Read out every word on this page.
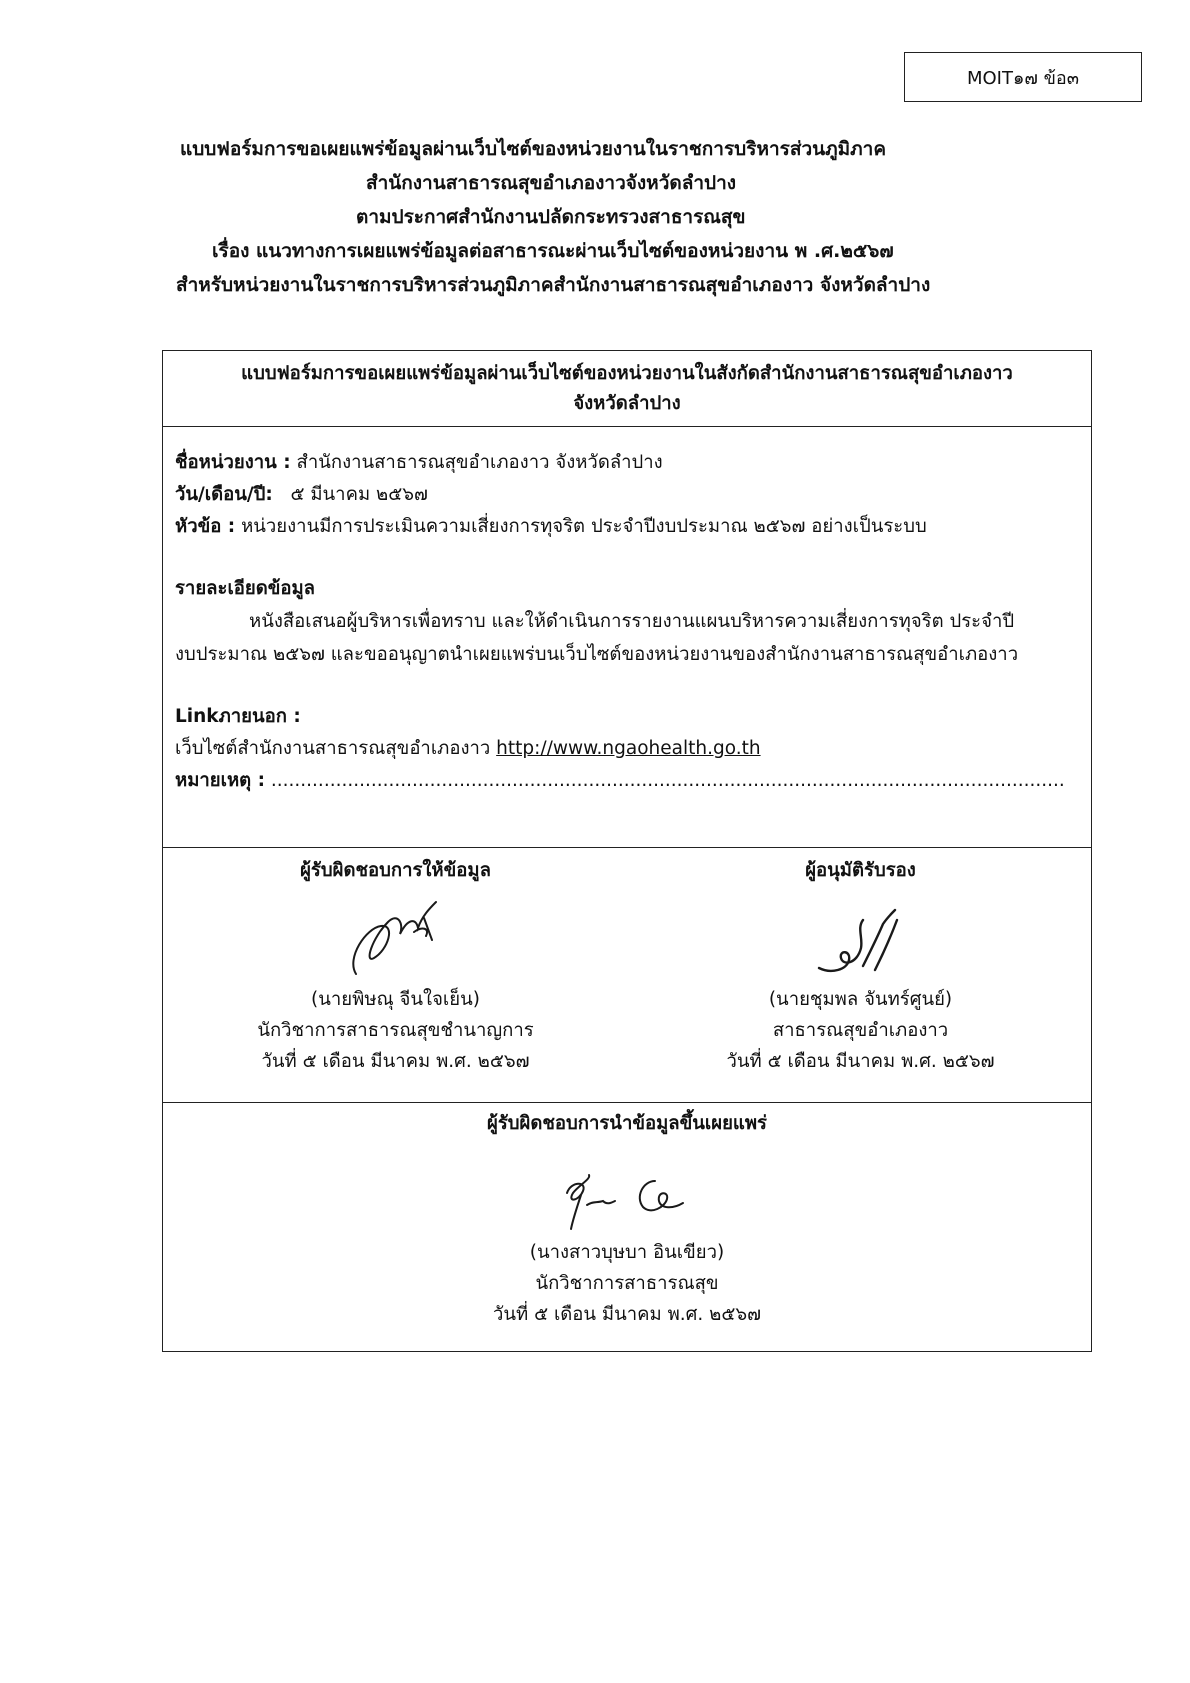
MOIT๑๗ ข้อ๓
แบบฟอร์มการขอเผยแพร่ข้อมูลผ่านเว็บไซต์ของหน่วยงานในราชการบริหารส่วนภูมิภาค
สำนักงานสาธารณสุขอำเภองาวจังหวัดลำปาง
ตามประกาศสำนักงานปลัดกระทรวงสาธารณสุข
เรื่อง แนวทางการเผยแพร่ข้อมูลต่อสาธารณะผ่านเว็บไซต์ของหน่วยงาน พ .ศ.๒๕๖๗
สำหรับหน่วยงานในราชการบริหารส่วนภูมิภาคสำนักงานสาธารณสุขอำเภองาว จังหวัดลำปาง
แบบฟอร์มการขอเผยแพร่ข้อมูลผ่านเว็บไซต์ของหน่วยงานในสังกัดสำนักงานสาธารณสุขอำเภองาว
จังหวัดลำปาง
ชื่อหน่วยงาน : สำนักงานสาธารณสุขอำเภองาว จังหวัดลำปาง
วัน/เดือน/ปี: ๕ มีนาคม ๒๕๖๗
หัวข้อ : หน่วยงานมีการประเมินความเสี่ยงการทุจริต ประจำปีงบประมาณ ๒๕๖๗ อย่างเป็นระบบ
รายละเอียดข้อมูล
หนังสือเสนอผู้บริหารเพื่อทราบ และให้ดำเนินการรายงานแผนบริหารความเสี่ยงการทุจริต ประจำปี
งบประมาณ ๒๕๖๗ และขออนุญาตนำเผยแพร่บนเว็บไซต์ของหน่วยงานของสำนักงานสาธารณสุขอำเภองาว
Linkภายนอก :
เว็บไซต์สำนักงานสาธารณสุขอำเภองาว http://www.ngaohealth.go.th
หมายเหตุ : .......................................................................................................................................
ผู้รับผิดชอบการให้ข้อมูล
(นายพิษณุ จีนใจเย็น)
นักวิชาการสาธารณสุขชำนาญการ
วันที่ ๕ เดือน มีนาคม พ.ศ. ๒๕๖๗
ผู้อนุมัติรับรอง
(นายชุมพล จันทร์ศูนย์)
สาธารณสุขอำเภองาว
วันที่ ๕ เดือน มีนาคม พ.ศ. ๒๕๖๗
ผู้รับผิดชอบการนำข้อมูลขึ้นเผยแพร่
(นางสาวบุษบา อินเขียว)
นักวิชาการสาธารณสุข
วันที่ ๕ เดือน มีนาคม พ.ศ. ๒๕๖๗
